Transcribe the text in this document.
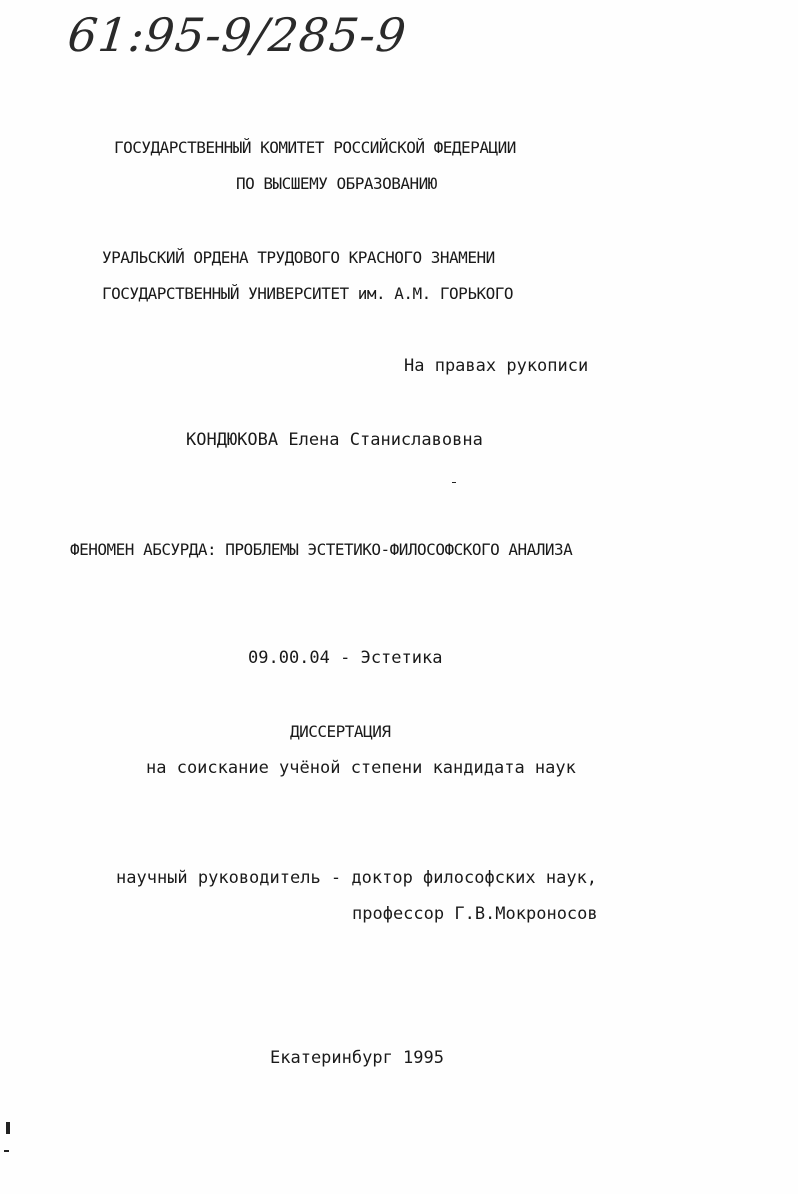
61:95-9/285-9
ГОСУДАРСТВЕННЫЙ КОМИТЕТ РОССИЙСКОЙ ФЕДЕРАЦИИ
ПО ВЫСШЕМУ ОБРАЗОВАНИЮ
УРАЛЬСКИЙ ОРДЕНА ТРУДОВОГО КРАСНОГО ЗНАМЕНИ
ГОСУДАРСТВЕННЫЙ УНИВЕРСИТЕТ им. А.М. ГОРЬКОГО
На правах рукописи
КОНДЮКОВА Елена Станиславовна
ФЕНОМЕН АБСУРДА: ПРОБЛЕМЫ ЭСТЕТИКО-ФИЛОСОФСКОГО АНАЛИЗА
09.00.04 - Эстетика
ДИССЕРТАЦИЯ
на соискание учёной степени кандидата наук
научный руководитель - доктор философских наук,
профессор Г.В.Мокроносов
Екатеринбург 1995
